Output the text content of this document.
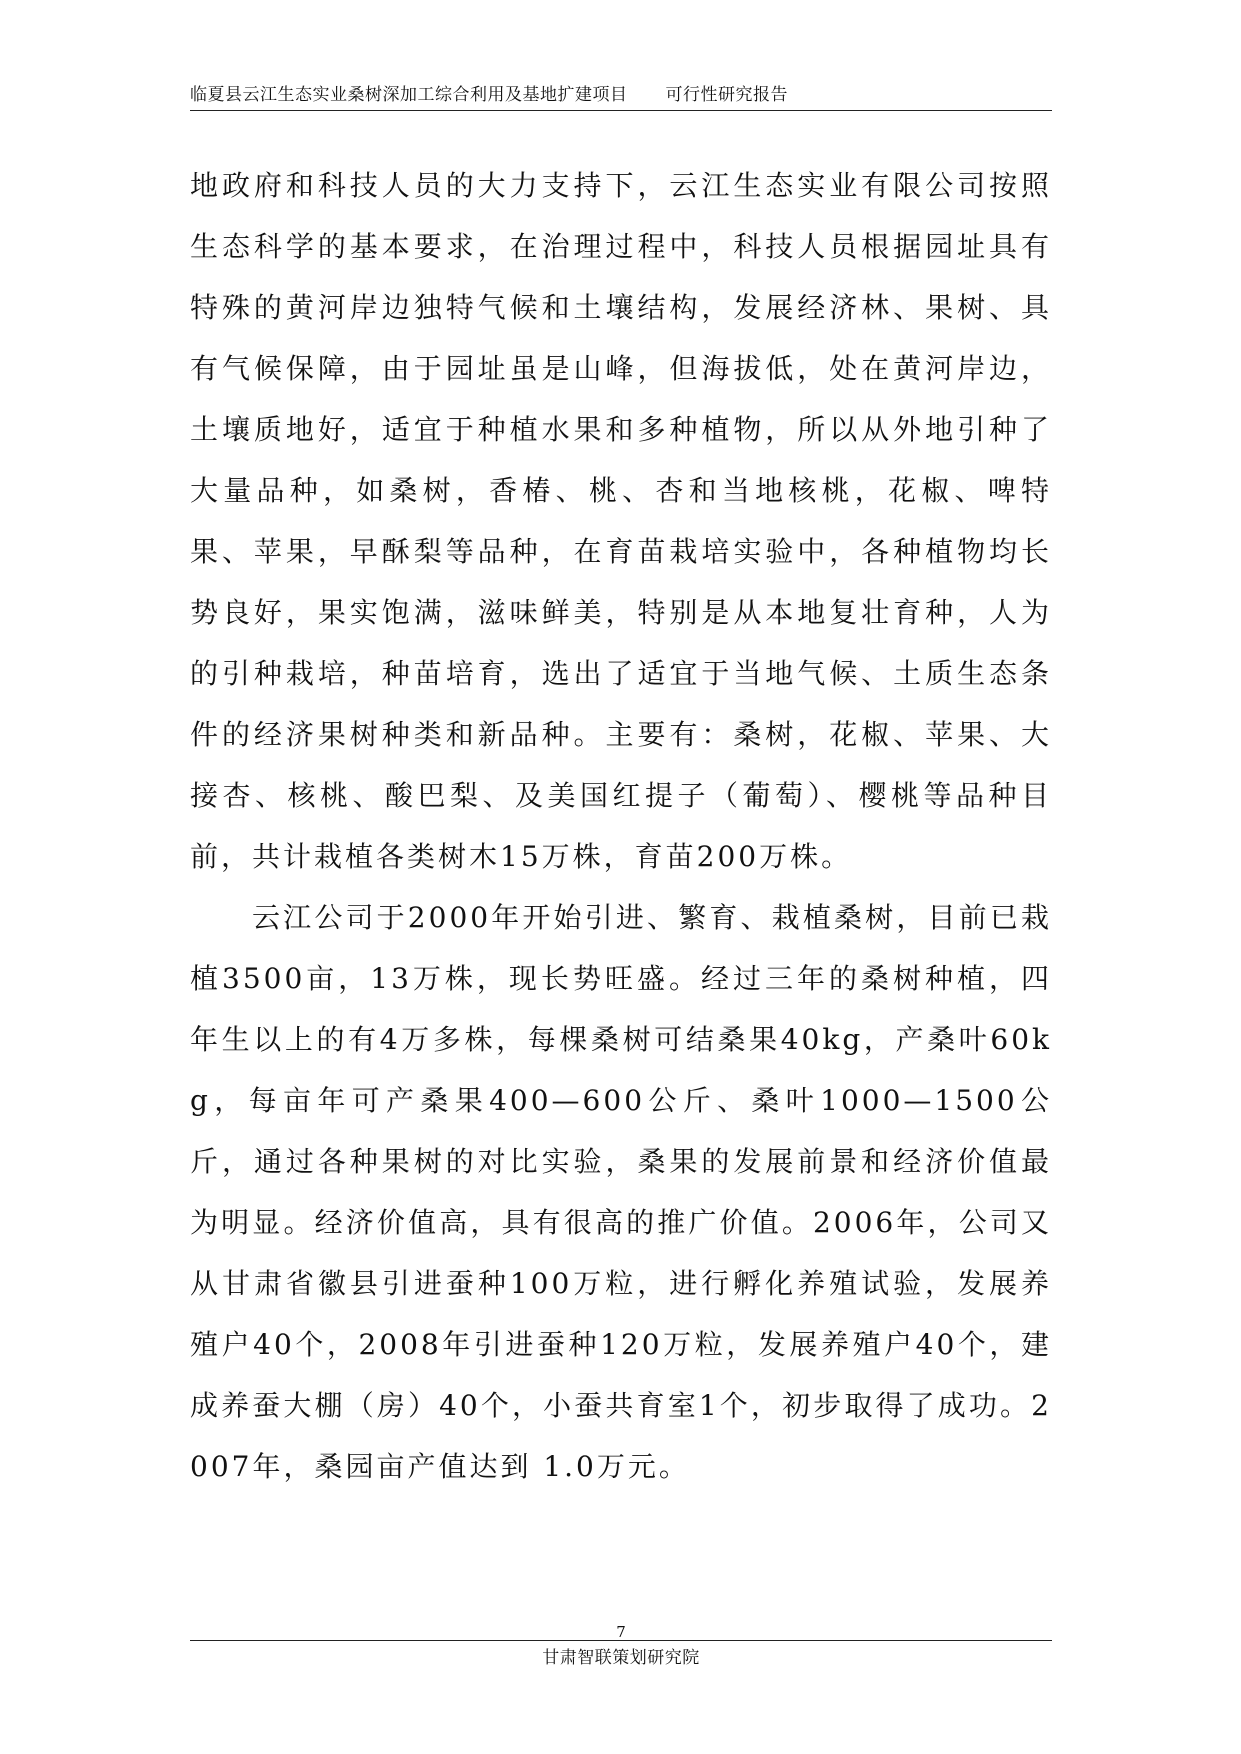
临夏县云江生态实业桑树深加工综合利用及基地扩建项目 可行性研究报告

地政府和科技人员的大力支持下，云江生态实业有限公司按照生态科学的基本要求，在治理过程中，科技人员根据园址具有特殊的黄河岸边独特气候和土壤结构，发展经济林、果树、具有气候保障，由于园址虽是山峰，但海拔低，处在黄河岸边，土壤质地好，适宜于种植水果和多种植物，所以从外地引种了大量品种，如桑树，香椿、桃、杏和当地核桃，花椒、啤特果、苹果，早酥梨等品种，在育苗栽培实验中，各种植物均长势良好，果实饱满，滋味鲜美，特别是从本地复壮育种，人为的引种栽培，种苗培育，选出了适宜于当地气候、土质生态条件的经济果树种类和新品种。主要有：桑树，花椒、苹果、大接杏、核桃、酸巴梨、及美国红提子（葡萄）、樱桃等品种目前，共计栽植各类树木15万株，育苗200万株。

云江公司于2000年开始引进、繁育、栽植桑树，目前已栽植3500亩，13万株，现长势旺盛。经过三年的桑树种植，四年生以上的有4万多株，每棵桑树可结桑果40kg，产桑叶60kg，每亩年可产桑果400—600公斤、桑叶1000—1500公斤，通过各种果树的对比实验，桑果的发展前景和经济价值最为明显。经济价值高，具有很高的推广价值。2006年，公司又从甘肃省徽县引进蚕种100万粒，进行孵化养殖试验，发展养殖户40个，2008年引进蚕种120万粒，发展养殖户40个，建成养蚕大棚（房）40个，小蚕共育室1个，初步取得了成功。2007年，桑园亩产值达到 1.0万元。

7
甘肃智联策划研究院
